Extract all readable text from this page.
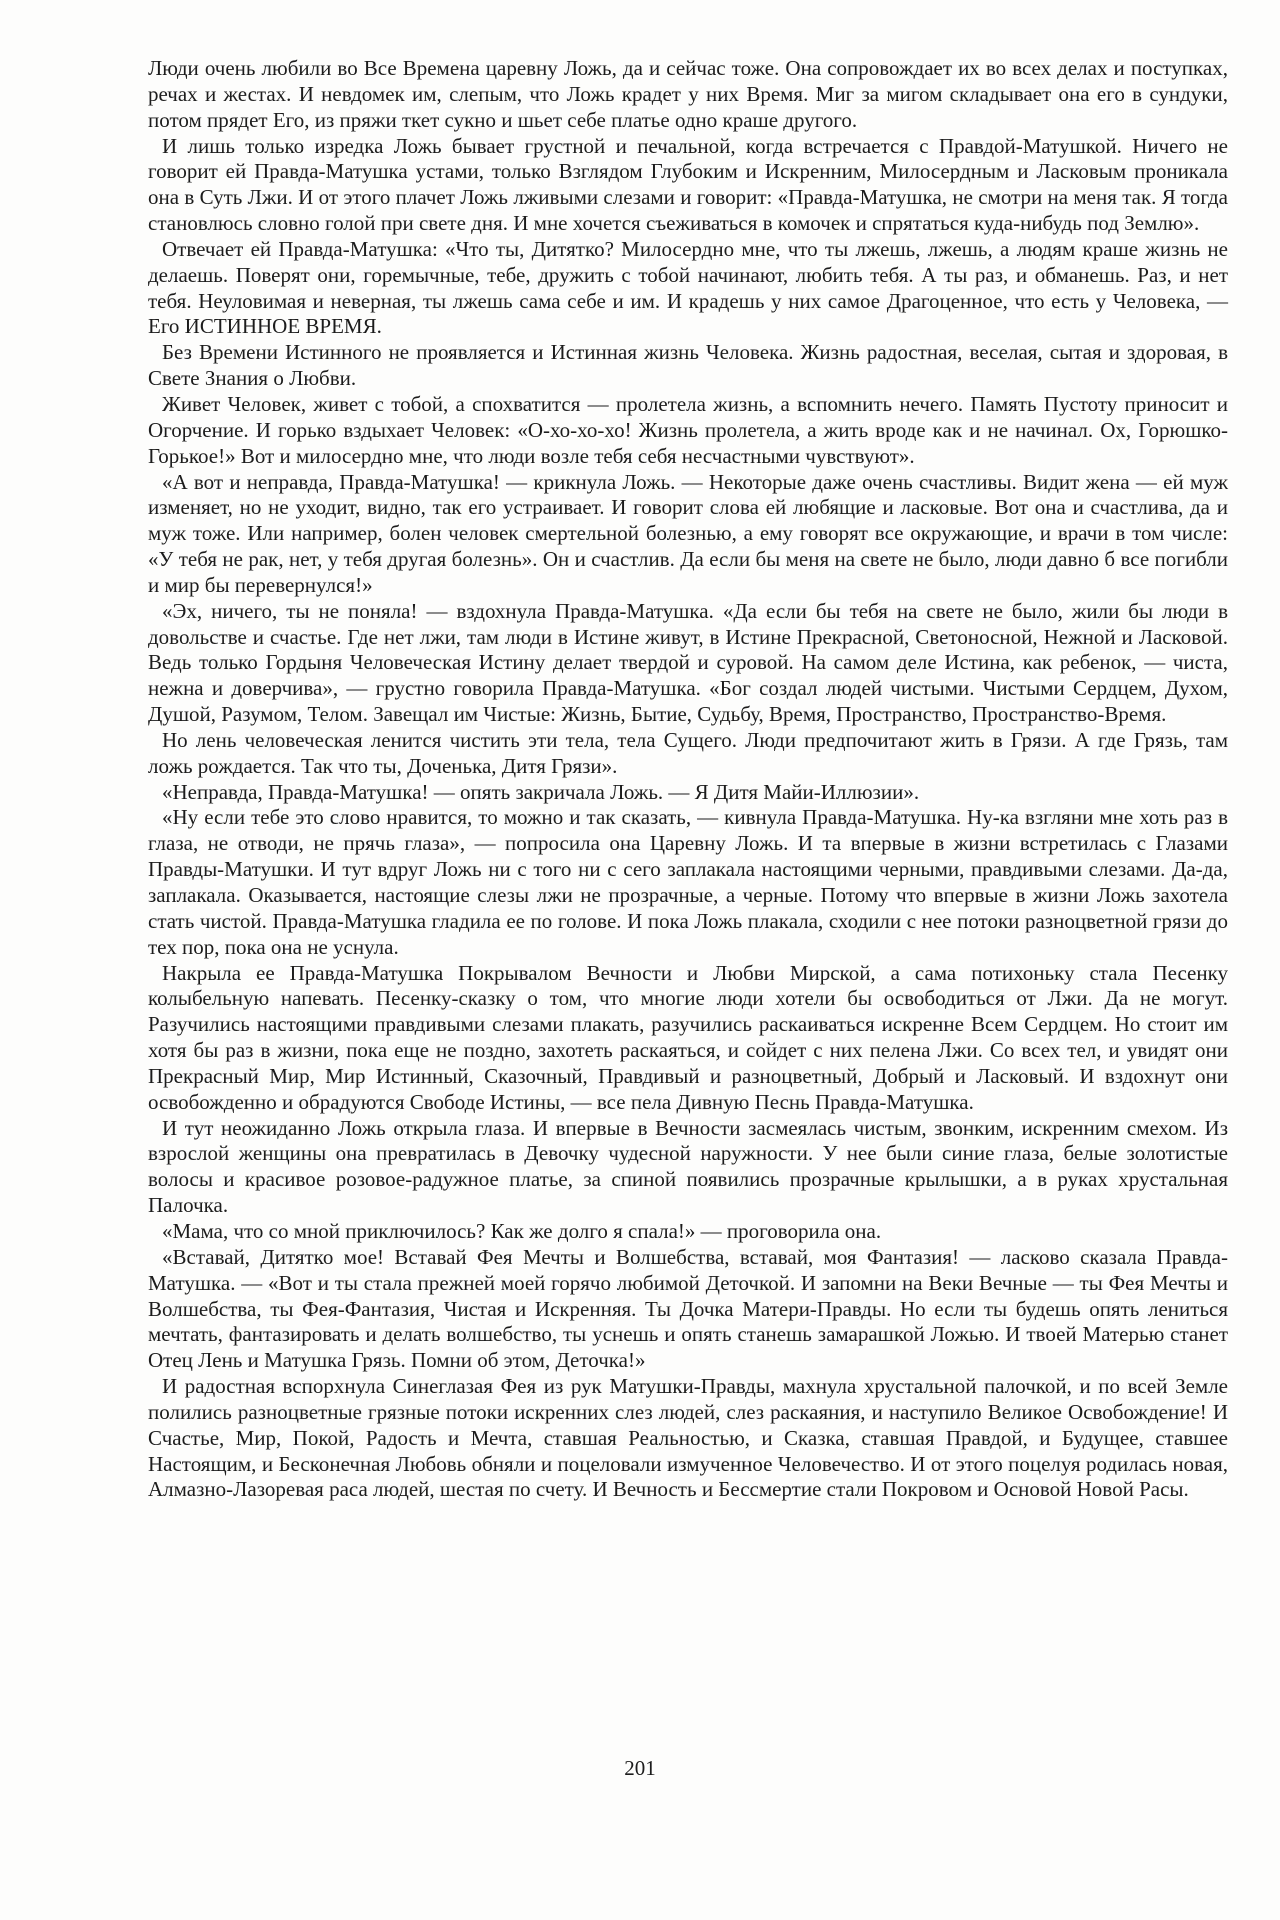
Люди очень любили во Все Времена царевну Ложь, да и сейчас тоже. Она сопровождает их во всех делах и поступках, речах и жестах. И невдомек им, слепым, что Ложь крадет у них Время. Миг за мигом складывает она его в сундуки, потом прядет Его, из пряжи ткет сукно и шьет себе платье одно краше другого.

И лишь только изредка Ложь бывает грустной и печальной, когда встречается с Правдой-Матушкой. Ничего не говорит ей Правда-Матушка устами, только Взглядом Глубоким и Искренним, Милосердным и Ласковым проникала она в Суть Лжи. И от этого плачет Ложь лживыми слезами и говорит: «Правда-Матушка, не смотри на меня так. Я тогда становлюсь словно голой при свете дня. И мне хочется съеживаться в комочек и спрятаться куда-нибудь под Землю».

Отвечает ей Правда-Матушка: «Что ты, Дитятко? Милосердно мне, что ты лжешь, лжешь, а людям краше жизнь не делаешь. Поверят они, горемычные, тебе, дружить с тобой начинают, любить тебя. А ты раз, и обманешь. Раз, и нет тебя. Неуловимая и неверная, ты лжешь сама себе и им. И крадешь у них самое Драгоценное, что есть у Человека, — Его ИСТИННОЕ ВРЕМЯ.

Без Времени Истинного не проявляется и Истинная жизнь Человека. Жизнь радостная, веселая, сытая и здоровая, в Свете Знания о Любви.

Живет Человек, живет с тобой, а спохватится — пролетела жизнь, а вспомнить нечего. Память Пустоту приносит и Огорчение. И горько вздыхает Человек: «О-хо-хо-хо! Жизнь пролетела, а жить вроде как и не начинал. Ох, Горюшко-Горькое!» Вот и милосердно мне, что люди возле тебя себя несчастными чувствуют».

«А вот и неправда, Правда-Матушка! — крикнула Ложь. — Некоторые даже очень счастливы. Видит жена — ей муж изменяет, но не уходит, видно, так его устраивает. И говорит слова ей любящие и ласковые. Вот она и счастлива, да и муж тоже. Или например, болен человек смертельной болезнью, а ему говорят все окружающие, и врачи в том числе: «У тебя не рак, нет, у тебя другая болезнь». Он и счастлив. Да если бы меня на свете не было, люди давно б все погибли и мир бы перевернулся!»

«Эх, ничего, ты не поняла! — вздохнула Правда-Матушка. «Да если бы тебя на свете не было, жили бы люди в довольстве и счастье. Где нет лжи, там люди в Истине живут, в Истине Прекрасной, Светоносной, Нежной и Ласковой. Ведь только Гордыня Человеческая Истину делает твердой и суровой. На самом деле Истина, как ребенок, — чиста, нежна и доверчива», — грустно говорила Правда-Матушка. «Бог создал людей чистыми. Чистыми Сердцем, Духом, Душой, Разумом, Телом. Завещал им Чистые: Жизнь, Бытие, Судьбу, Время, Пространство, Пространство-Время.

Но лень человеческая ленится чистить эти тела, тела Сущего. Люди предпочитают жить в Грязи. А где Грязь, там ложь рождается. Так что ты, Доченька, Дитя Грязи».

«Неправда, Правда-Матушка! — опять закричала Ложь. — Я Дитя Майи-Иллюзии».

«Ну если тебе это слово нравится, то можно и так сказать, — кивнула Правда-Матушка. Ну-ка взгляни мне хоть раз в глаза, не отводи, не прячь глаза», — попросила она Царевну Ложь. И та впервые в жизни встретилась с Глазами Правды-Матушки. И тут вдруг Ложь ни с того ни с сего заплакала настоящими черными, правдивыми слезами. Да-да, заплакала. Оказывается, настоящие слезы лжи не прозрачные, а черные. Потому что впервые в жизни Ложь захотела стать чистой. Правда-Матушка гладила ее по голове. И пока Ложь плакала, сходили с нее потоки разноцветной грязи до тех пор, пока она не уснула.

Накрыла ее Правда-Матушка Покрывалом Вечности и Любви Мирской, а сама потихоньку стала Песенку колыбельную напевать. Песенку-сказку о том, что многие люди хотели бы освободиться от Лжи. Да не могут. Разучились настоящими правдивыми слезами плакать, разучились раскаиваться искренне Всем Сердцем. Но стоит им хотя бы раз в жизни, пока еще не поздно, захотеть раскаяться, и сойдет с них пелена Лжи. Со всех тел, и увидят они Прекрасный Мир, Мир Истинный, Сказочный, Правдивый и разноцветный, Добрый и Ласковый. И вздохнут они освобожденно и обрадуются Свободе Истины, — все пела Дивную Песнь Правда-Матушка.

И тут неожиданно Ложь открыла глаза. И впервые в Вечности засмеялась чистым, звонким, искренним смехом. Из взрослой женщины она превратилась в Девочку чудесной наружности. У нее были синие глаза, белые золотистые волосы и красивое розовое-радужное платье, за спиной появились прозрачные крылышки, а в руках хрустальная Палочка.

«Мама, что со мной приключилось? Как же долго я спала!» — проговорила она.

«Вставай, Дитятко мое! Вставай Фея Мечты и Волшебства, вставай, моя Фантазия! — ласково сказала Правда-Матушка. — «Вот и ты стала прежней моей горячо любимой Деточкой. И запомни на Веки Вечные — ты Фея Мечты и Волшебства, ты Фея-Фантазия, Чистая и Искренняя. Ты Дочка Матери-Правды. Но если ты будешь опять лениться мечтать, фантазировать и делать волшебство, ты уснешь и опять станешь замарашкой Ложью. И твоей Матерью станет Отец Лень и Матушка Грязь. Помни об этом, Деточка!»

И радостная вспорхнула Синеглазая Фея из рук Матушки-Правды, махнула хрустальной палочкой, и по всей Земле полились разноцветные грязные потоки искренних слез людей, слез раскаяния, и наступило Великое Освобождение! И Счастье, Мир, Покой, Радость и Мечта, ставшая Реальностью, и Сказка, ставшая Правдой, и Будущее, ставшее Настоящим, и Бесконечная Любовь обняли и поцеловали измученное Человечество. И от этого поцелуя родилась новая, Алмазно-Лазоревая раса людей, шестая по счету. И Вечность и Бессмертие стали Покровом и Основой Новой Расы.

201
